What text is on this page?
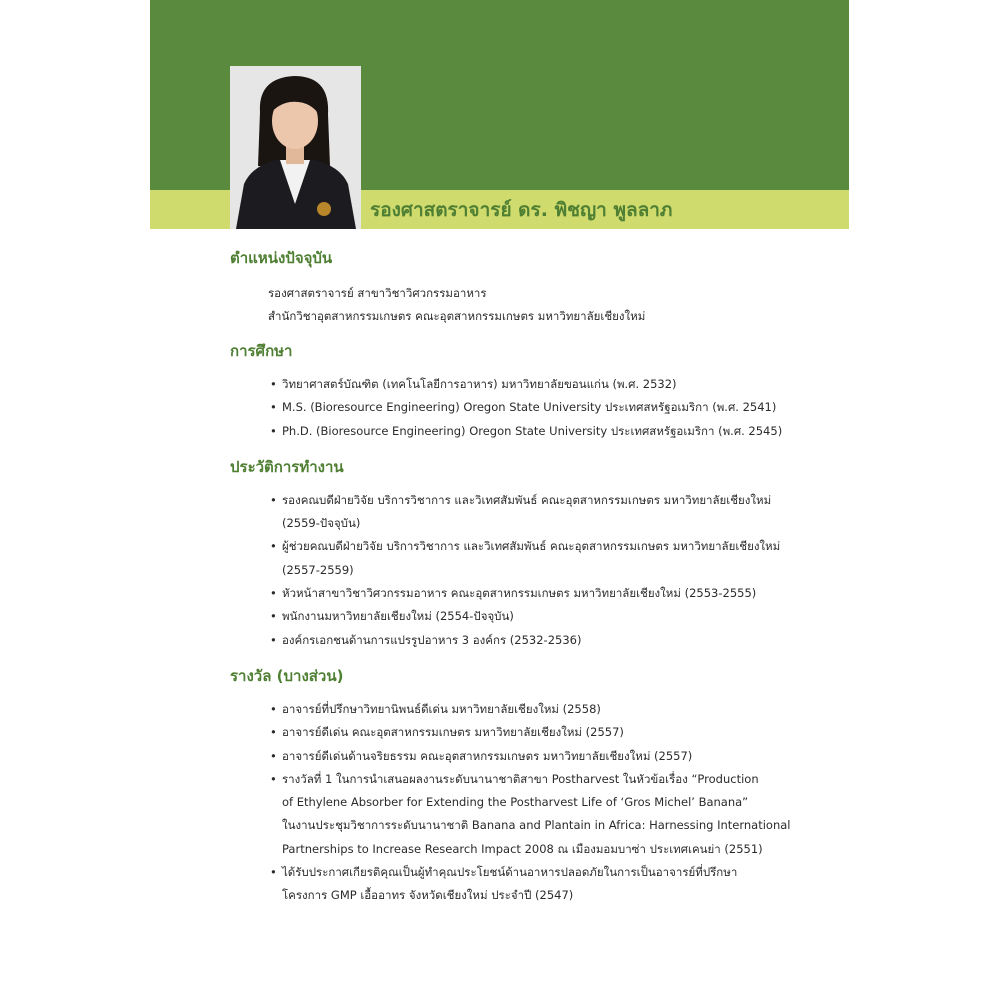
รองศาสตราจารย์ ดร. พิชญา พูลลาภ
ตำแหน่งปัจจุบัน
รองศาสตราจารย์ สาขาวิชาวิศวกรรมอาหาร
สำนักวิชาอุตสาหกรรมเกษตร คณะอุตสาหกรรมเกษตร มหาวิทยาลัยเชียงใหม่
การศึกษา
• วิทยาศาสตร์บัณฑิต (เทคโนโลยีการอาหาร) มหาวิทยาลัยขอนแก่น (พ.ศ. 2532)
• M.S. (Bioresource Engineering) Oregon State University ประเทศสหรัฐอเมริกา (พ.ศ. 2541)
• Ph.D. (Bioresource Engineering) Oregon State University ประเทศสหรัฐอเมริกา (พ.ศ. 2545)
ประวัติการทำงาน
• รองคณบดีฝ่ายวิจัย บริการวิชาการ และวิเทศสัมพันธ์ คณะอุตสาหกรรมเกษตร มหาวิทยาลัยเชียงใหม่
(2559-ปัจจุบัน)
• ผู้ช่วยคณบดีฝ่ายวิจัย บริการวิชาการ และวิเทศสัมพันธ์ คณะอุตสาหกรรมเกษตร มหาวิทยาลัยเชียงใหม่
(2557-2559)
• หัวหน้าสาขาวิชาวิศวกรรมอาหาร คณะอุตสาหกรรมเกษตร มหาวิทยาลัยเชียงใหม่ (2553-2555)
• พนักงานมหาวิทยาลัยเชียงใหม่ (2554-ปัจจุบัน)
• องค์กรเอกชนด้านการแปรรูปอาหาร 3 องค์กร (2532-2536)
รางวัล (บางส่วน)
• อาจารย์ที่ปรึกษาวิทยานิพนธ์ดีเด่น มหาวิทยาลัยเชียงใหม่ (2558)
• อาจารย์ดีเด่น คณะอุตสาหกรรมเกษตร มหาวิทยาลัยเชียงใหม่ (2557)
• อาจารย์ดีเด่นด้านจริยธรรม คณะอุตสาหกรรมเกษตร มหาวิทยาลัยเชียงใหม่ (2557)
• รางวัลที่ 1 ในการนำเสนอผลงานระดับนานาชาติสาขา Postharvest ในหัวข้อเรื่อง “Production
of Ethylene Absorber for Extending the Postharvest Life of ‘Gros Michel’ Banana”
ในงานประชุมวิชาการระดับนานาชาติ Banana and Plantain in Africa: Harnessing International
Partnerships to Increase Research Impact 2008 ณ เมืองมอมบาซ่า ประเทศเคนย่า (2551)
• ได้รับประกาศเกียรติคุณเป็นผู้ทำคุณประโยชน์ด้านอาหารปลอดภัยในการเป็นอาจารย์ที่ปรึกษา
โครงการ GMP เอื้ออาทร จังหวัดเชียงใหม่ ประจำปี (2547)
